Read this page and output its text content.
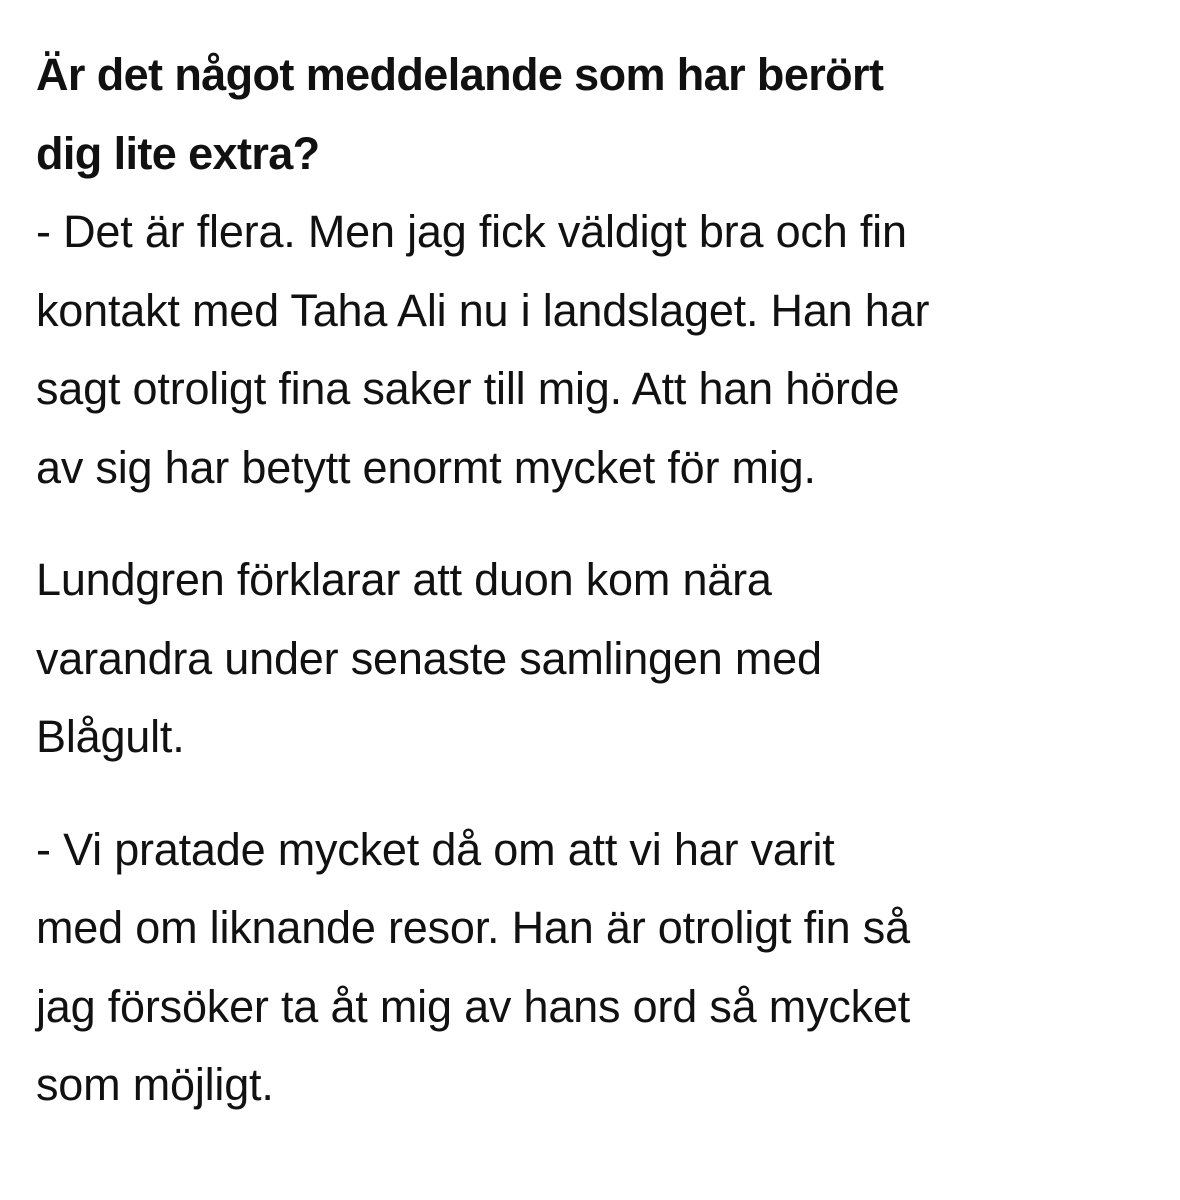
Är det något meddelande som har berört
dig lite extra?
- Det är flera. Men jag fick väldigt bra och fin
kontakt med Taha Ali nu i landslaget. Han har
sagt otroligt fina saker till mig. Att han hörde
av sig har betytt enormt mycket för mig.
Lundgren förklarar att duon kom nära
varandra under senaste samlingen med
Blågult.
- Vi pratade mycket då om att vi har varit
med om liknande resor. Han är otroligt fin så
jag försöker ta åt mig av hans ord så mycket
som möjligt.
